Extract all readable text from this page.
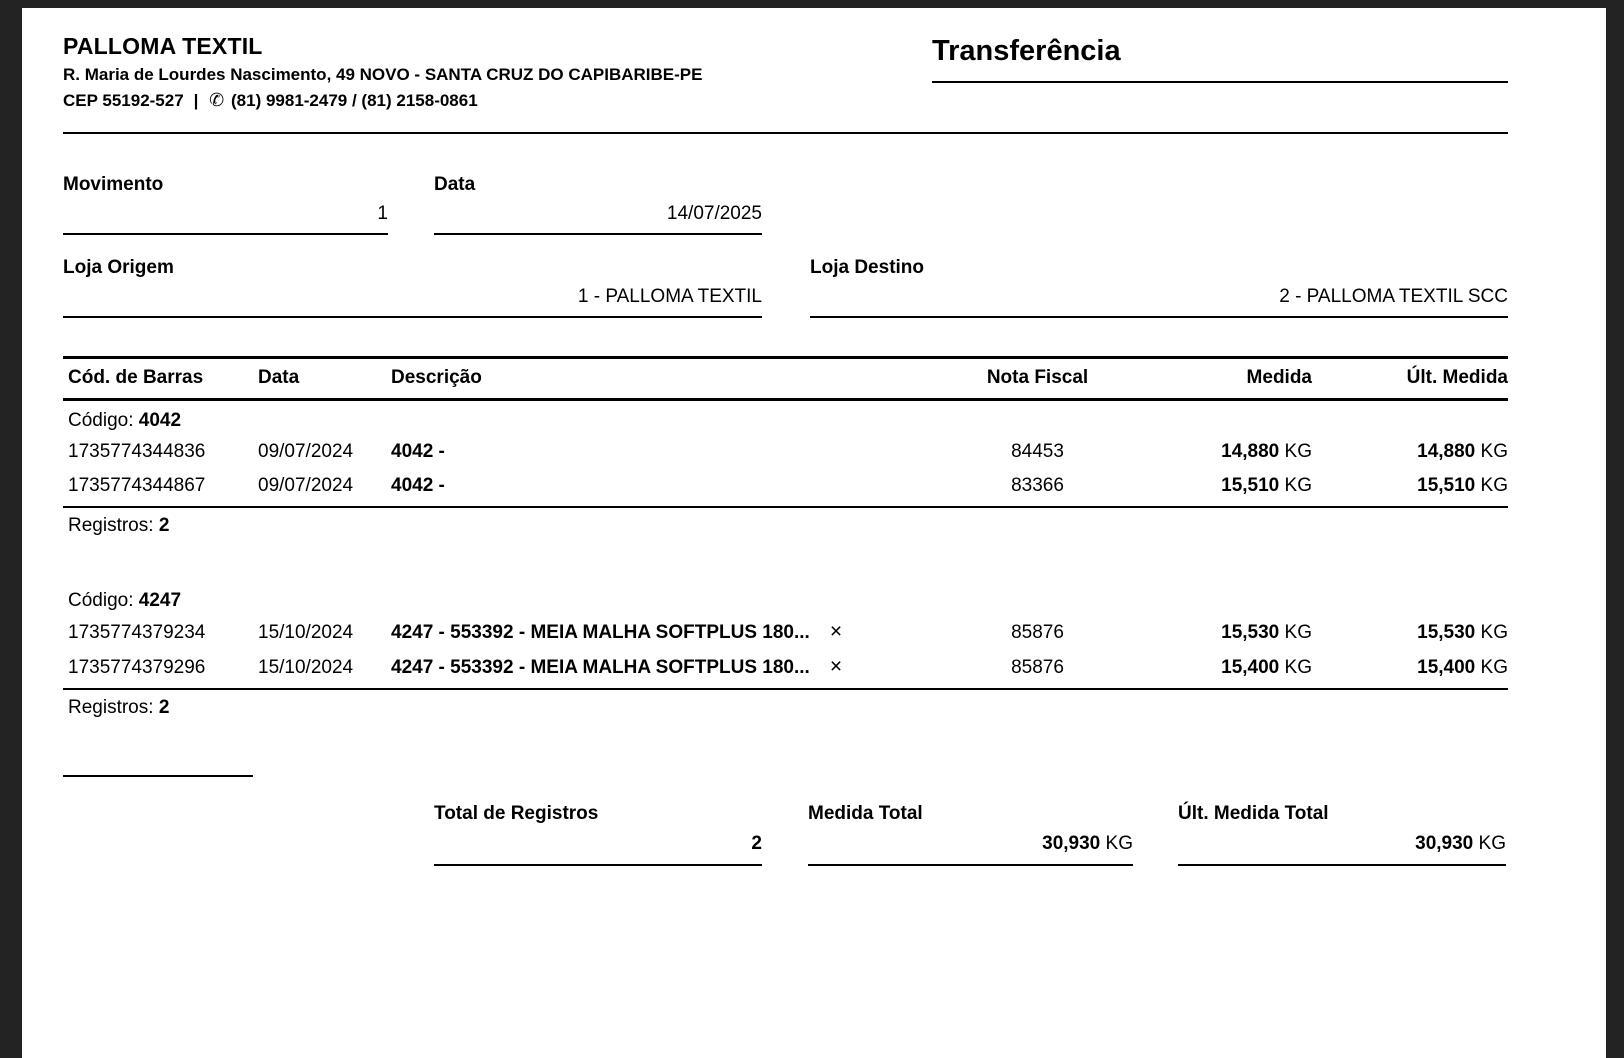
PALLOMA TEXTIL
R. Maria de Lourdes Nascimento, 49 NOVO - SANTA CRUZ DO CAPIBARIBE-PE
CEP 55192-527 | ✆ (81) 9981-2479 / (81) 2158-0861
Transferência
Movimento
1
Data
14/07/2025
Loja Origem
1 - PALLOMA TEXTIL
Loja Destino
2 - PALLOMA TEXTIL SCC
Cód. de Barras	Data	Descrição	Nota Fiscal	Medida	Últ. Medida
Código: 4042
1735774344836	09/07/2024	4042 -	84453	14,880 KG	14,880 KG
1735774344867	09/07/2024	4042 -	83366	15,510 KG	15,510 KG
Registros: 2
Código: 4247
1735774379234	15/10/2024	4247 - 553392 - MEIA MALHA SOFTPLUS 180... ×	85876	15,530 KG	15,530 KG
1735774379296	15/10/2024	4247 - 553392 - MEIA MALHA SOFTPLUS 180... ×	85876	15,400 KG	15,400 KG
Registros: 2
Total de Registros
2
Medida Total
30,930 KG
Últ. Medida Total
30,930 KG
